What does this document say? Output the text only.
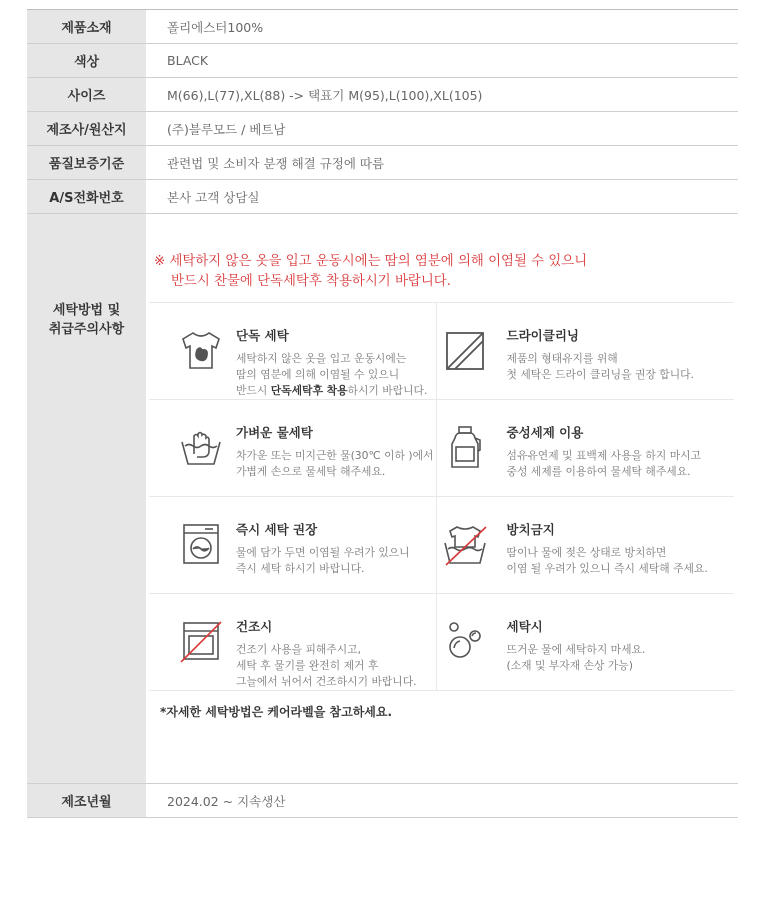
제품소재	폴리에스터100%
색상	BLACK
사이즈	M(66),L(77),XL(88) -> 택표기 M(95),L(100),XL(105)
제조사/원산지	(주)블루모드 / 베트남
품질보증기준	관련법 및 소비자 분쟁 해결 규정에 따름
A/S전화번호	본사 고객 상담실
세탁방법 및
취급주의사항
※ 세탁하지 않은 옷을 입고 운동시에는 땀의 염분에 의해 이염될 수 있으니
반드시 찬물에 단독세탁후 착용하시기 바랍니다.
단독 세탁
세탁하지 않은 옷을 입고 운동시에는
땀의 염분에 의해 이염될 수 있으니
반드시 단독세탁후 착용하시기 바랍니다.
드라이클리닝
제품의 형태유지를 위해
첫 세탁은 드라이 클리닝을 권장 합니다.
가벼운 물세탁
차가운 또는 미지근한 물(30℃ 이하 )에서
가볍게 손으로 물세탁 해주세요.
중성세제 이용
섬유유연제 및 표백제 사용을 하지 마시고
중성 세제를 이용하여 물세탁 해주세요.
즉시 세탁 권장
물에 담가 두면 이염될 우려가 있으니
즉시 세탁 하시기 바랍니다.
방치금지
땀이나 물에 젖은 상태로 방치하면
이염 될 우려가 있으니 즉시 세탁해 주세요.
건조시
건조기 사용을 피해주시고,
세탁 후 물기를 완전히 제거 후
그늘에서 뉘어서 건조하시기 바랍니다.
세탁시
뜨거운 물에 세탁하지 마세요.
(소재 및 부자재 손상 가능)
*자세한 세탁방법은 케어라벨을 참고하세요.
제조년월	2024.02 ~ 지속생산
